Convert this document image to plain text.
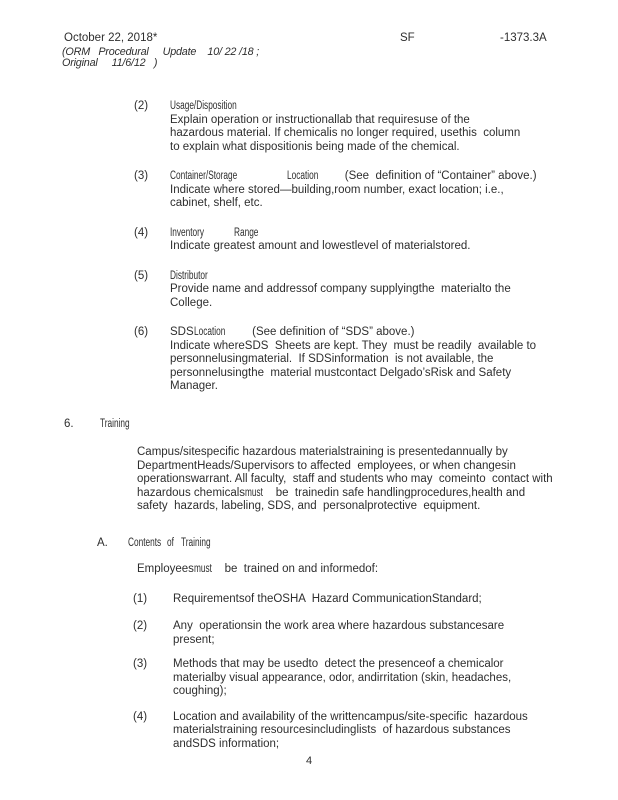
October 22, 2018*	SF	-1373.3A
(ORM   Procedural     Update    10/ 22 /18 ;
Original     11/6/12   )
(2)	Usage/Disposition
Explain operation or instructionallab that requiresuse of the
hazardous material. If chemicalis no longer required, usethis  column
to explain what dispositionis being made of the chemical.
(3)	Container/Storage	Location (See  definition of “Container” above.)
Indicate where stored—building,room number, exact location; i.e.,
cabinet, shelf, etc.
(4)	Inventory	Range
Indicate greatest amount and lowestlevel of materialstored.
(5)	Distributor
Provide name and addressof company supplyingthe  materialto the
College.
(6)	SDSLocation (See definition of “SDS” above.)
Indicate whereSDS  Sheets are kept. They  must be readily  available to
personnelusingmaterial.  If SDSinformation  is not available, the
personnelusingthe  material mustcontact Delgado’sRisk and Safety
Manager.
6.	Training
Campus/sitespecific hazardous materialstraining is presentedannually by
DepartmentHeads/Supervisors to affected  employees, or when changesin
operationswarrant. All faculty,  staff and students who may  comeinto  contact with
hazardous chemicalsmust    be  trainedin safe handlingprocedures,health and
safety  hazards, labeling, SDS, and  personalprotective  equipment.
A.	Contents of Training
Employeesmust    be  trained on and informedof:
(1)	Requirementsof theOSHA  Hazard CommunicationStandard;
(2)	Any  operationsin the work area where hazardous substancesare
present;
(3)	Methods that may be usedto  detect the presenceof a chemicalor
materialby visual appearance, odor, andirritation (skin, headaches,
coughing);
(4)	Location and availability of the writtencampus/site-specific  hazardous
materialstraining resourcesincludinglists  of hazardous substances
andSDS information;
4
